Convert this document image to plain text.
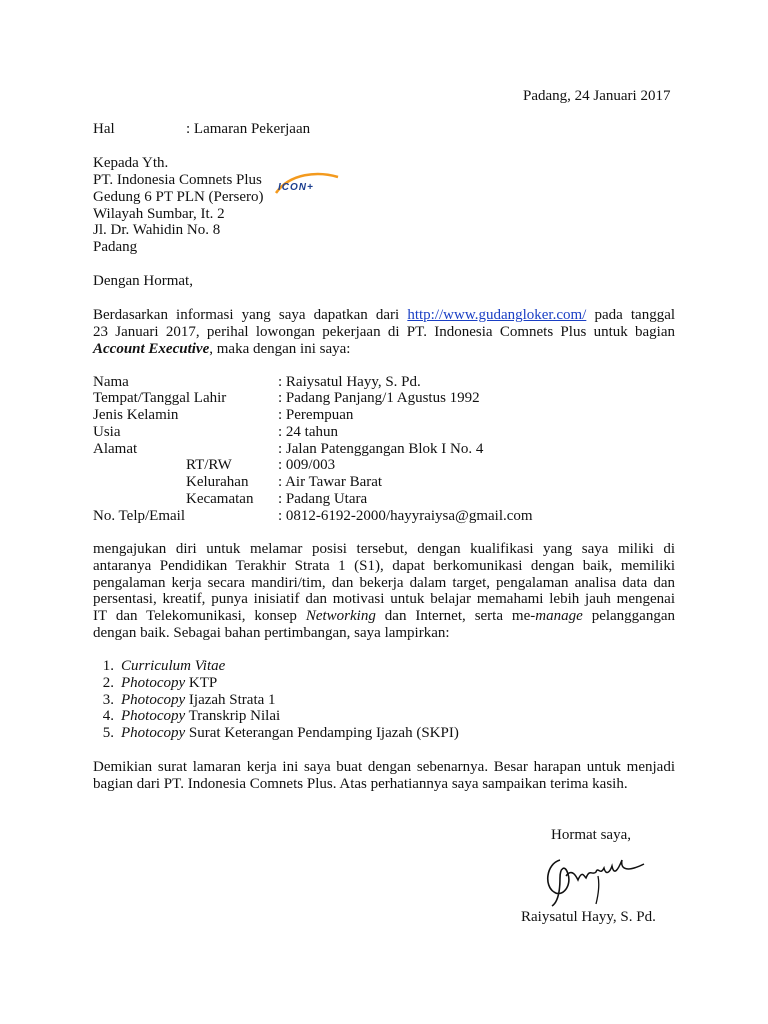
Padang, 24 Januari 2017
Hal	: Lamaran Pekerjaan
Kepada Yth.
PT. Indonesia Comnets Plus
Gedung 6 PT PLN (Persero)
Wilayah Sumbar, It. 2
Jl. Dr. Wahidin No. 8
Padang
ICON+
Dengan Hormat,
Berdasarkan informasi yang saya dapatkan dari http://www.gudangloker.com/ pada tanggal
23 Januari 2017, perihal lowongan pekerjaan di PT. Indonesia Comnets Plus untuk bagian
Account Executive, maka dengan ini saya:
Nama	: Raiysatul Hayy, S. Pd.
Tempat/Tanggal Lahir	: Padang Panjang/1 Agustus 1992
Jenis Kelamin	: Perempuan
Usia	: 24 tahun
Alamat	: Jalan Patenggangan Blok I No. 4
RT/RW	: 009/003
Kelurahan : Air Tawar Barat
Kecamatan : Padang Utara
No. Telp/Email	: 0812-6192-2000/hayyraiysa@gmail.com
mengajukan diri untuk melamar posisi tersebut, dengan kualifikasi yang saya miliki di
antaranya Pendidikan Terakhir Strata 1 (S1), dapat berkomunikasi dengan baik, memiliki
pengalaman kerja secara mandiri/tim, dan bekerja dalam target, pengalaman analisa data dan
persentasi, kreatif, punya inisiatif dan motivasi untuk belajar memahami lebih jauh mengenai
IT dan Telekomunikasi, konsep Networking dan Internet, serta me-manage pelanggangan
dengan baik. Sebagai bahan pertimbangan, saya lampirkan:
1. Curriculum Vitae
2. Photocopy KTP
3. Photocopy Ijazah Strata 1
4. Photocopy Transkrip Nilai
5. Photocopy Surat Keterangan Pendamping Ijazah (SKPI)
Demikian surat lamaran kerja ini saya buat dengan sebenarnya. Besar harapan untuk menjadi
bagian dari PT. Indonesia Comnets Plus. Atas perhatiannya saya sampaikan terima kasih.
Hormat saya,
Raiysatul Hayy, S. Pd.
